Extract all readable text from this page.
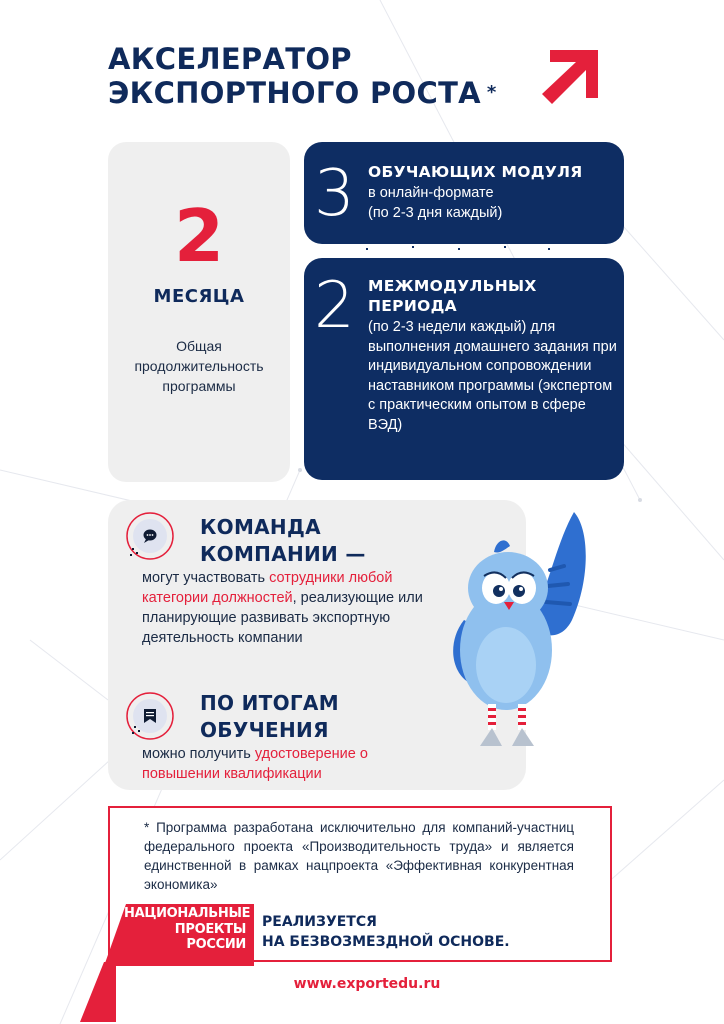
АКСЕЛЕРАТОР
ЭКСПОРТНОГО РОСТА *
2
МЕСЯЦА
Общая продолжительность программы
3 ОБУЧАЮЩИХ МОДУЛЯ
в онлайн-формате
(по 2-3 дня каждый)
2 МЕЖМОДУЛЬНЫХ
ПЕРИОДА
(по 2-3 недели каждый) для выполнения домашнего задания при индивидуальном сопровождении наставником программы (экспертом с практическим опытом в сфере ВЭД)
КОМАНДА
КОМПАНИИ —
могут участвовать сотрудники любой категории должностей, реализующие или планирующие развивать экспортную деятельность компании
ПО ИТОГАМ
ОБУЧЕНИЯ
можно получить удостоверение о повышении квалификации
* Программа разработана исключительно для компаний-участниц федерального проекта «Производительность труда» и является единственной в рамках нацпроекта «Эффективная конкурентная экономика»
НАЦИОНАЛЬНЫЕ
ПРОЕКТЫ
РОССИИ
РЕАЛИЗУЕТСЯ
НА БЕЗВОЗМЕЗДНОЙ ОСНОВЕ.
www.exportedu.ru
